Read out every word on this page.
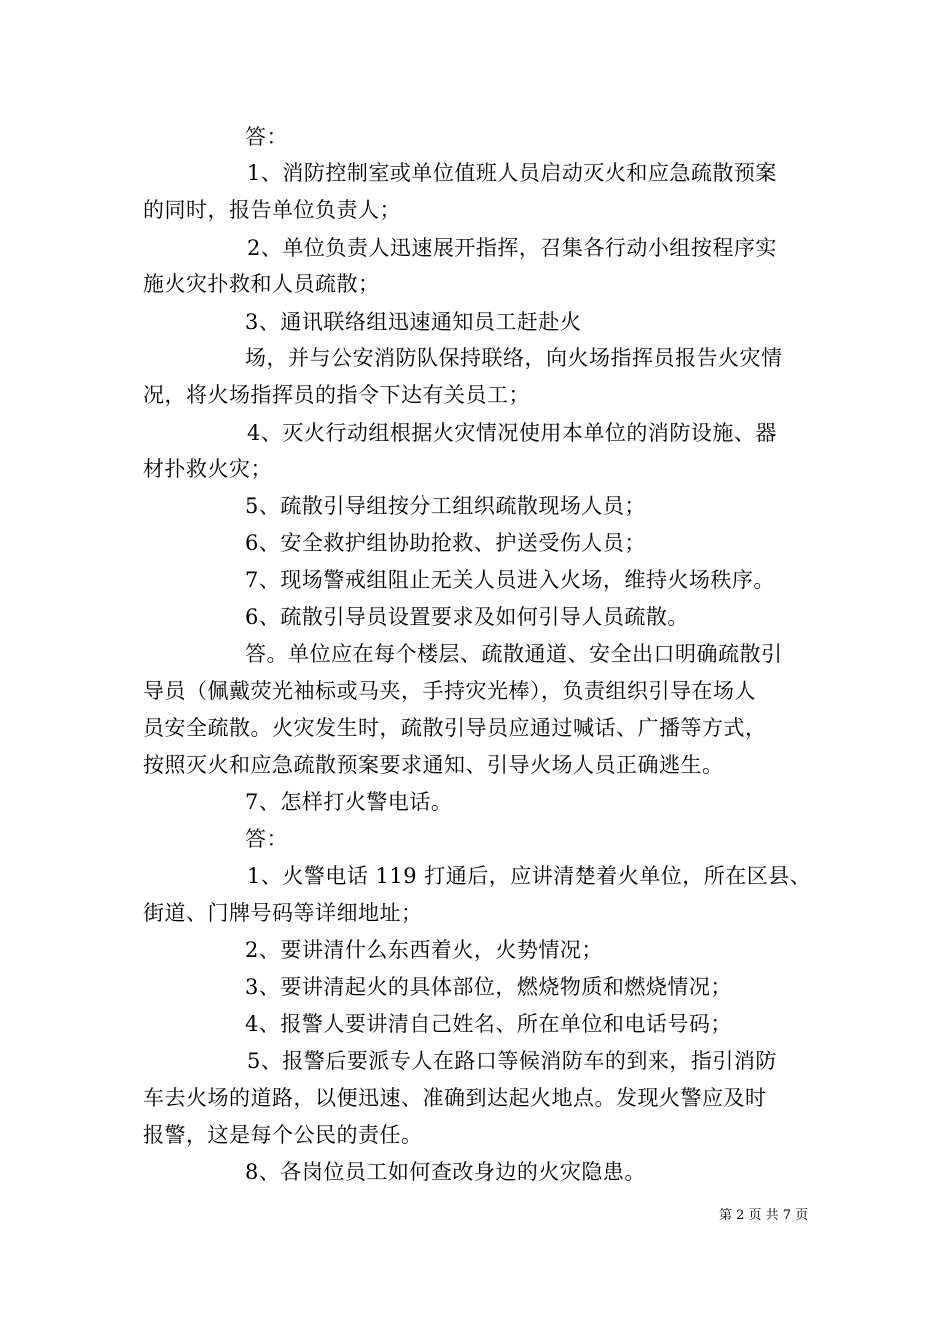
答：
1、消防控制室或单位值班人员启动灭火和应急疏散预案
的同时，报告单位负责人；
2、单位负责人迅速展开指挥，召集各行动小组按程序实
施火灾扑救和人员疏散；
3、通讯联络组迅速通知员工赶赴火
场，并与公安消防队保持联络，向火场指挥员报告火灾情
况，将火场指挥员的指令下达有关员工；
4、灭火行动组根据火灾情况使用本单位的消防设施、器
材扑救火灾；
5、疏散引导组按分工组织疏散现场人员；
6、安全救护组协助抢救、护送受伤人员；
7、现场警戒组阻止无关人员进入火场，维持火场秩序。
6、疏散引导员设置要求及如何引导人员疏散。
答。单位应在每个楼层、疏散通道、安全出口明确疏散引
导员（佩戴荧光袖标或马夹，手持灾光棒），负责组织引导在场人
员安全疏散。火灾发生时，疏散引导员应通过喊话、广播等方式，
按照灭火和应急疏散预案要求通知、引导火场人员正确逃生。
7、怎样打火警电话。
答：
1、火警电话 119 打通后，应讲清楚着火单位，所在区县、
街道、门牌号码等详细地址；
2、要讲清什么东西着火，火势情况；
3、要讲清起火的具体部位，燃烧物质和燃烧情况；
4、报警人要讲清自己姓名、所在单位和电话号码；
5、报警后要派专人在路口等候消防车的到来，指引消防
车去火场的道路，以便迅速、准确到达起火地点。发现火警应及时
报警，这是每个公民的责任。
8、各岗位员工如何查改身边的火灾隐患。
第 2 页 共 7 页
